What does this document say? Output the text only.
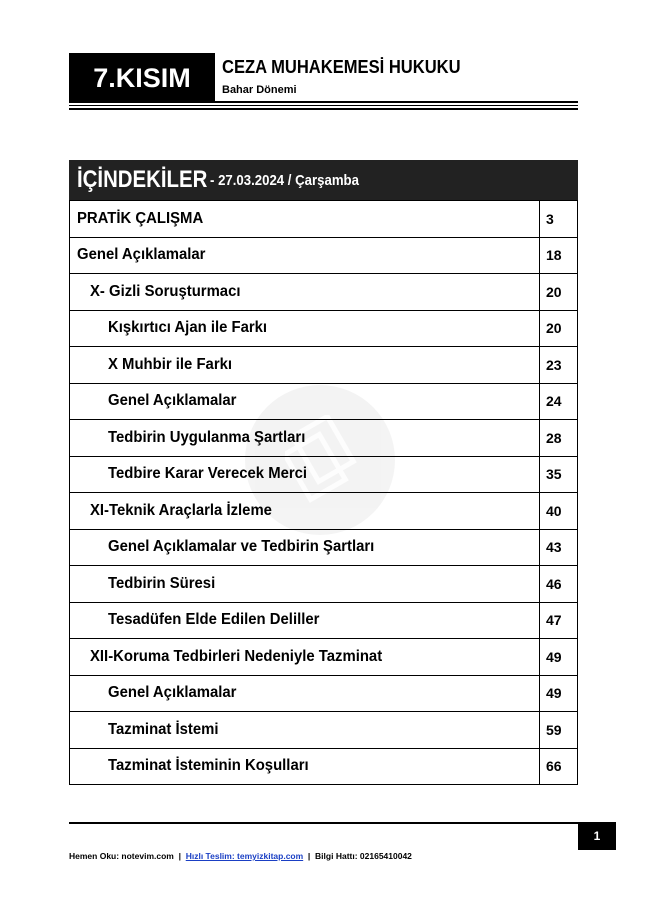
7.KISIM CEZA MUHAKEMESİ HUKUKU
Bahar Dönemi
İÇİNDEKİLER - 27.03.2024 / Çarşamba
PRATİK ÇALIŞMA	3
Genel Açıklamalar	18
X- Gizli Soruşturmacı	20
Kışkırtıcı Ajan ile Farkı	20
X Muhbir ile Farkı	23
Genel Açıklamalar	24
Tedbirin Uygulanma Şartları	28
Tedbire Karar Verecek Merci	35
XI-Teknik Araçlarla İzleme	40
Genel Açıklamalar ve Tedbirin Şartları	43
Tedbirin Süresi	46
Tesadüfen Elde Edilen Deliller	47
XII-Koruma Tedbirleri Nedeniyle Tazminat	49
Genel Açıklamalar	49
Tazminat İstemi	59
Tazminat İsteminin Koşulları	66
1
Hemen Oku: notevim.com | Hızlı Teslim: temyizkitap.com | Bilgi Hattı: 02165410042
